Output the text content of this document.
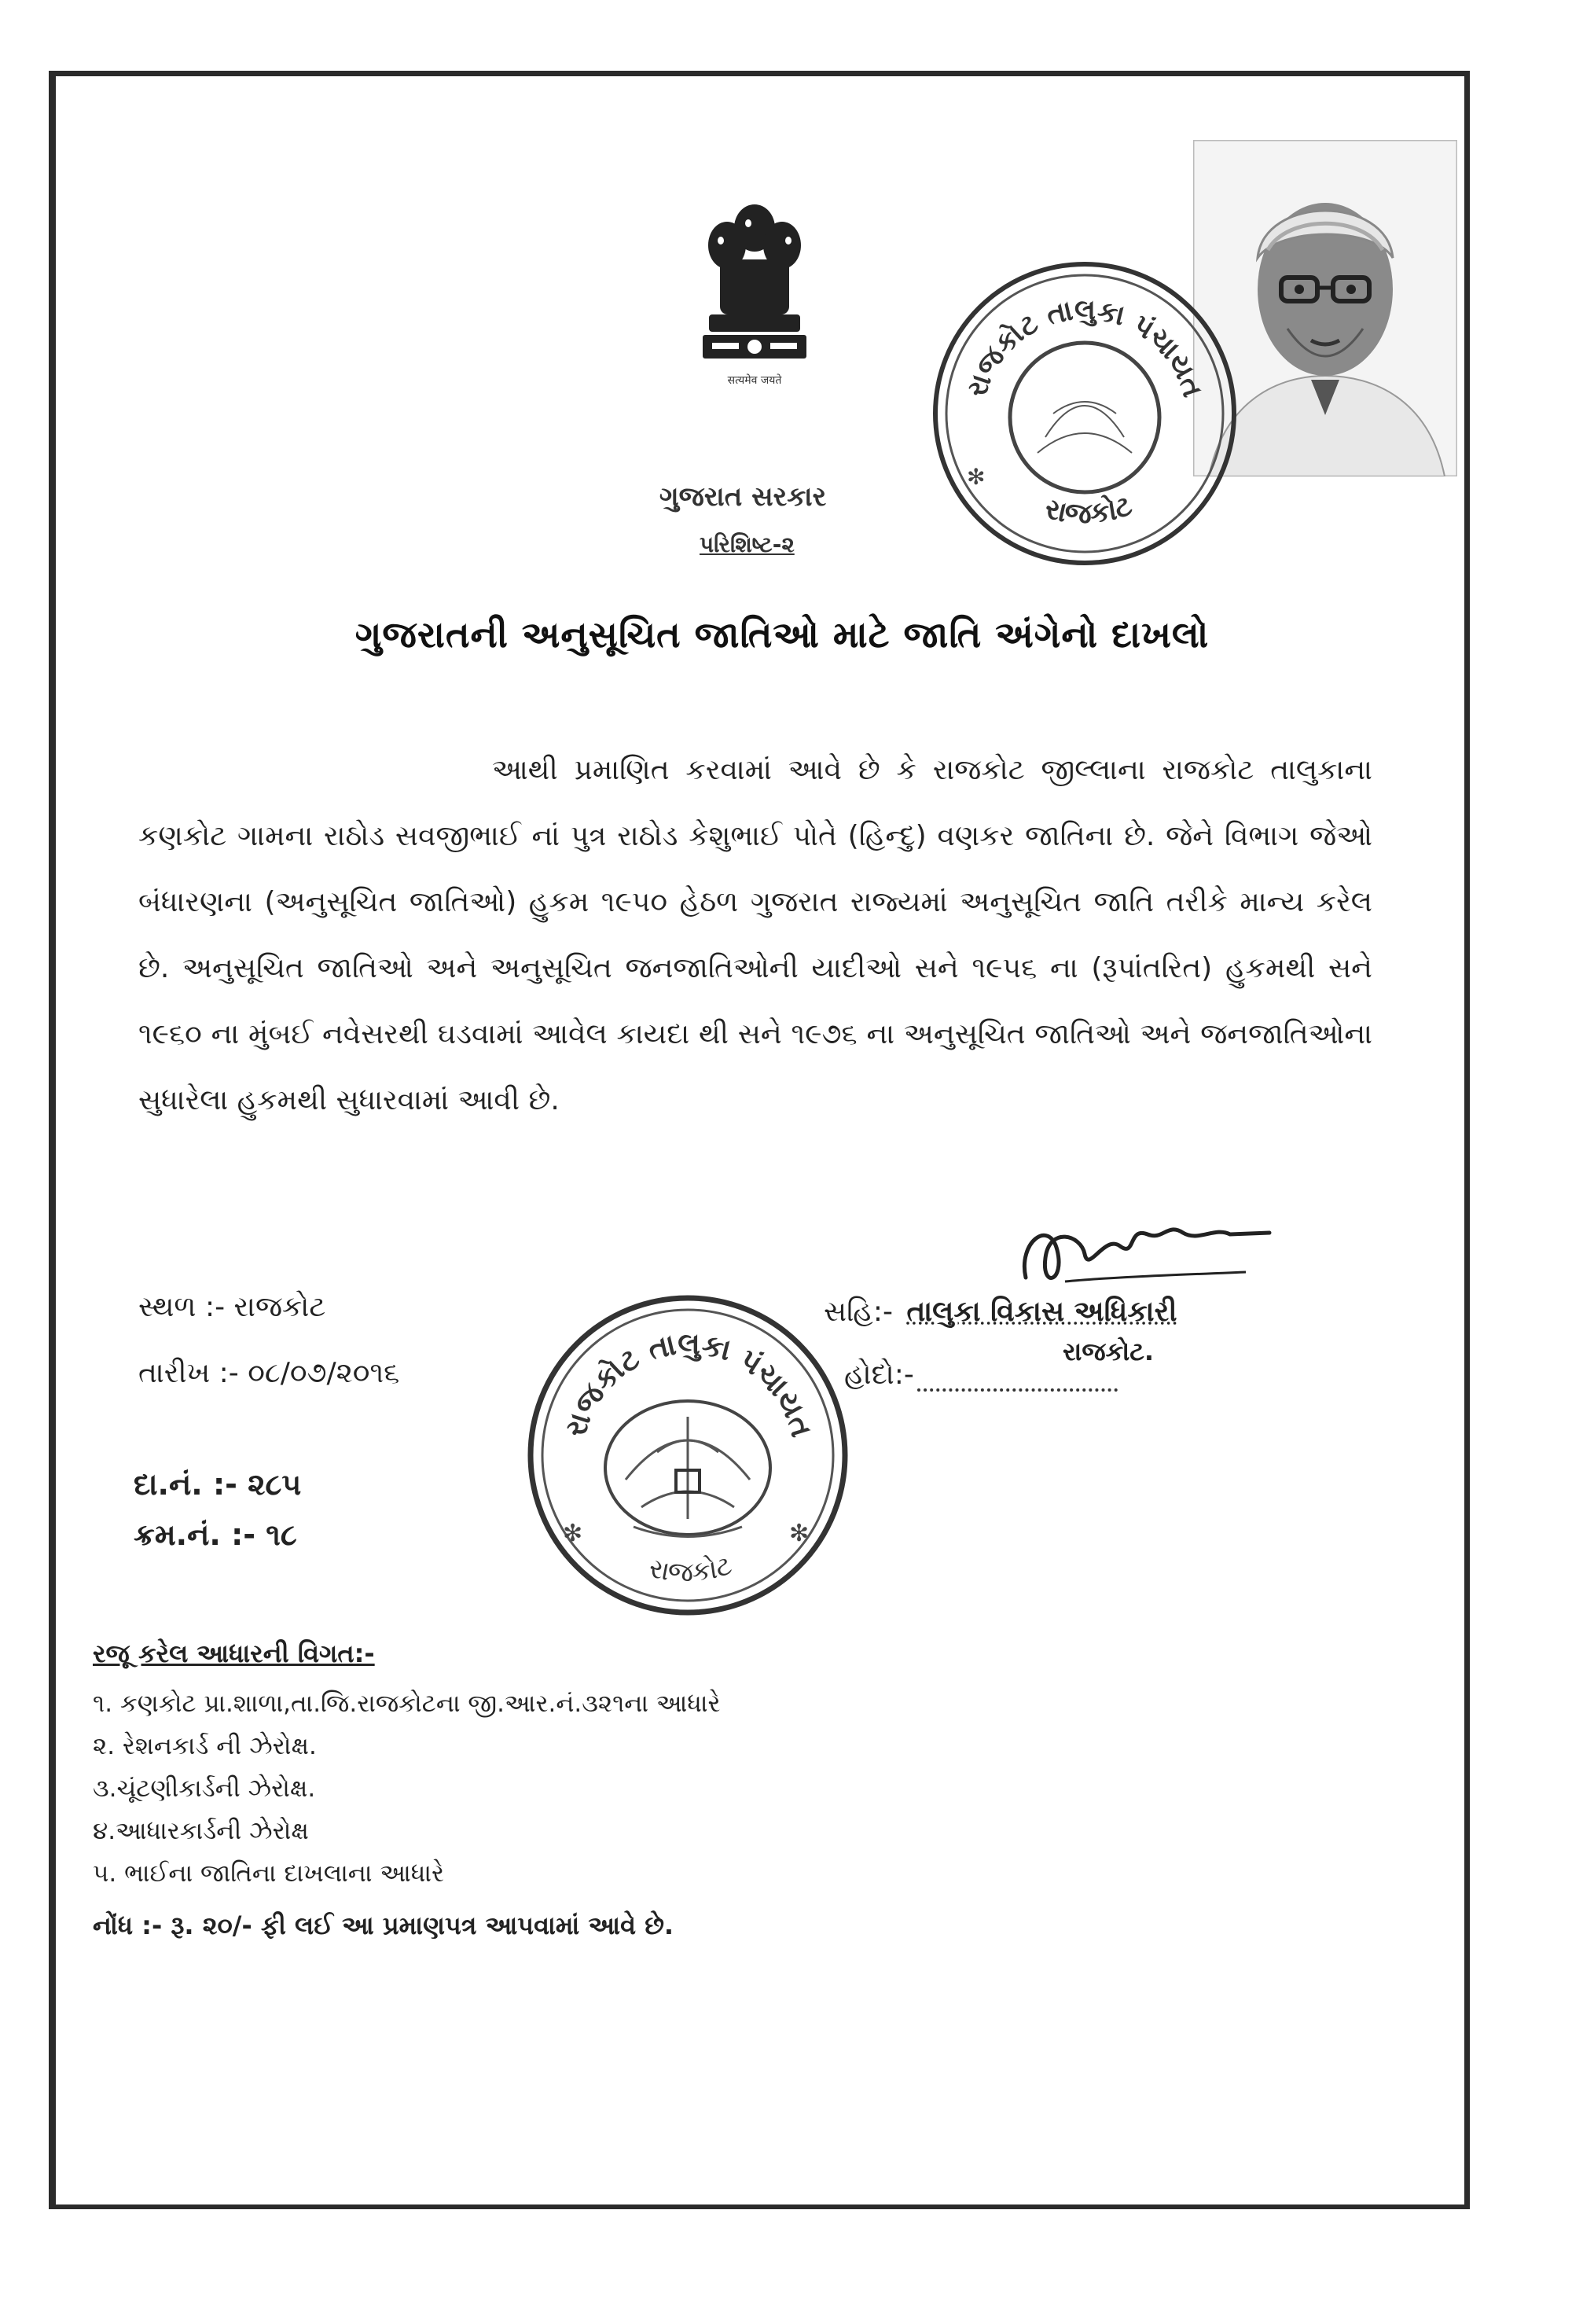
सत्यमेव जयते	રાજકોટ તાલુકા પંચાયત
રાજકોટ
✻
રાજકોટ તાલુકા પંચાયત
રાજકોટ
✻	✻
ગુજરાત સરકાર
પરિશિષ્ટ-૨
ગુજરાતની અનુસૂચિત જાતિઓ માટે જાતિ અંગેનો દાખલો
આથી પ્રમાણિત કરવામાં આવે છે કે રાજકોટ જીલ્લાના રાજકોટ તાલુકાના કણકોટ ગામના રાઠોડ સવજીભાઈ નાં પુત્ર રાઠોડ કેશુભાઈ પોતે (હિન્દુ) વણકર જાતિના છે. જેને વિભાગ જેઓ બંધારણના (અનુસૂચિત જાતિઓ) હુકમ ૧૯૫૦ હેઠળ ગુજરાત રાજ્યમાં અનુસૂચિત જાતિ તરીકે માન્ય કરેલ છે. અનુસૂચિત જાતિઓ અને અનુસૂચિત જનજાતિઓની યાદીઓ સને ૧૯૫૬ ના (રૂપાંતરિત) હુકમથી સને ૧૯૬૦ ના મુંબઈ નવેસરથી ઘડવામાં આવેલ કાયદા થી સને ૧૯૭૬ ના અનુસૂચિત જાતિઓ અને જનજાતિઓના સુધારેલા હુકમથી સુધારવામાં આવી છે.
સ્થળ :- રાજકોટ
તારીખ :- ૦૮/૦૭/૨૦૧૬
સહિ:- તાલુકા વિકાસ અધિકારી
રાજકોટ.
હોદો:-
દા.નં. :- ૨૮૫
ક્રમ.નં. :- ૧૮
રજૂ કરેલ આધારની વિગત:-
૧. કણકોટ પ્રા.શાળા,તા.જિ.રાજકોટના જી.આર.નં.૩૨૧ના આધારે
૨. રેશનકાર્ડ ની ઝેરોક્ષ.
૩.ચૂંટણીકાર્ડની ઝેરોક્ષ.
૪.આધારકાર્ડની ઝેરોક્ષ
૫. ભાઈના જાતિના દાખલાના આધારે
નોંધ :- રૂ. ૨૦/- ફી લઈ આ પ્રમાણપત્ર આપવામાં આવે છે.
